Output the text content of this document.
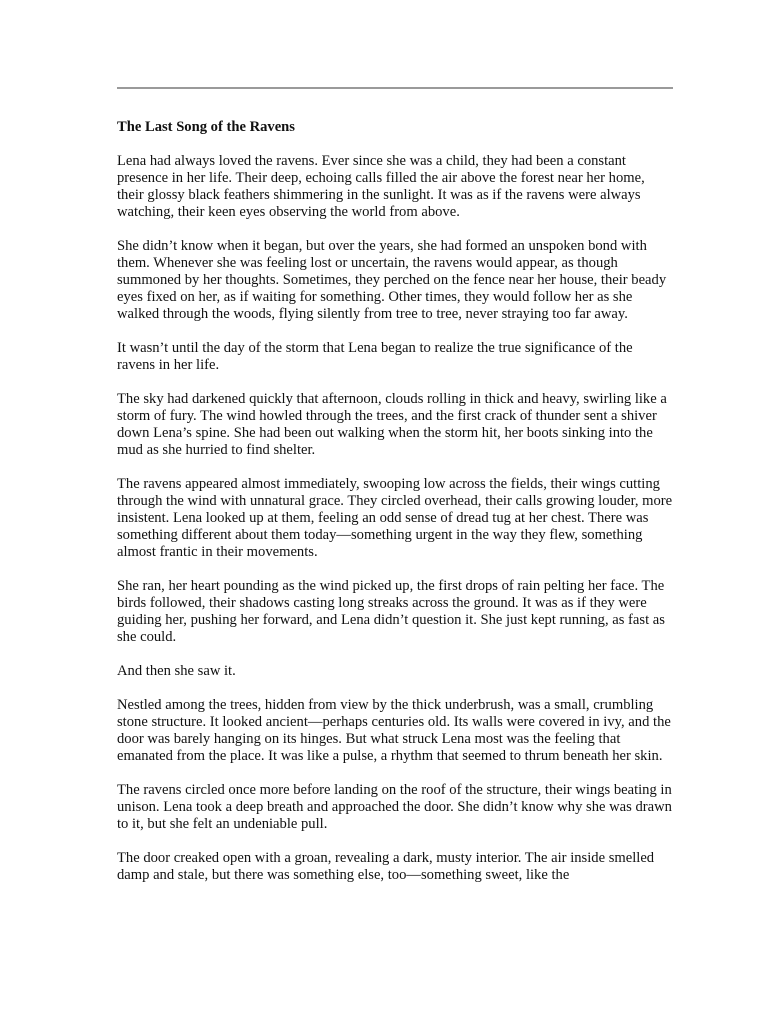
The Last Song of the Ravens

Lena had always loved the ravens. Ever since she was a child, they had been a constant presence in her life. Their deep, echoing calls filled the air above the forest near her home, their glossy black feathers shimmering in the sunlight. It was as if the ravens were always watching, their keen eyes observing the world from above.

She didn’t know when it began, but over the years, she had formed an unspoken bond with them. Whenever she was feeling lost or uncertain, the ravens would appear, as though summoned by her thoughts. Sometimes, they perched on the fence near her house, their beady eyes fixed on her, as if waiting for something. Other times, they would follow her as she walked through the woods, flying silently from tree to tree, never straying too far away.

It wasn’t until the day of the storm that Lena began to realize the true significance of the ravens in her life.

The sky had darkened quickly that afternoon, clouds rolling in thick and heavy, swirling like a storm of fury. The wind howled through the trees, and the first crack of thunder sent a shiver down Lena’s spine. She had been out walking when the storm hit, her boots sinking into the mud as she hurried to find shelter.

The ravens appeared almost immediately, swooping low across the fields, their wings cutting through the wind with unnatural grace. They circled overhead, their calls growing louder, more insistent. Lena looked up at them, feeling an odd sense of dread tug at her chest. There was something different about them today—something urgent in the way they flew, something almost frantic in their movements.

She ran, her heart pounding as the wind picked up, the first drops of rain pelting her face. The birds followed, their shadows casting long streaks across the ground. It was as if they were guiding her, pushing her forward, and Lena didn’t question it. She just kept running, as fast as she could.

And then she saw it.

Nestled among the trees, hidden from view by the thick underbrush, was a small, crumbling stone structure. It looked ancient—perhaps centuries old. Its walls were covered in ivy, and the door was barely hanging on its hinges. But what struck Lena most was the feeling that emanated from the place. It was like a pulse, a rhythm that seemed to thrum beneath her skin.

The ravens circled once more before landing on the roof of the structure, their wings beating in unison. Lena took a deep breath and approached the door. She didn’t know why she was drawn to it, but she felt an undeniable pull.

The door creaked open with a groan, revealing a dark, musty interior. The air inside smelled damp and stale, but there was something else, too—something sweet, like the
